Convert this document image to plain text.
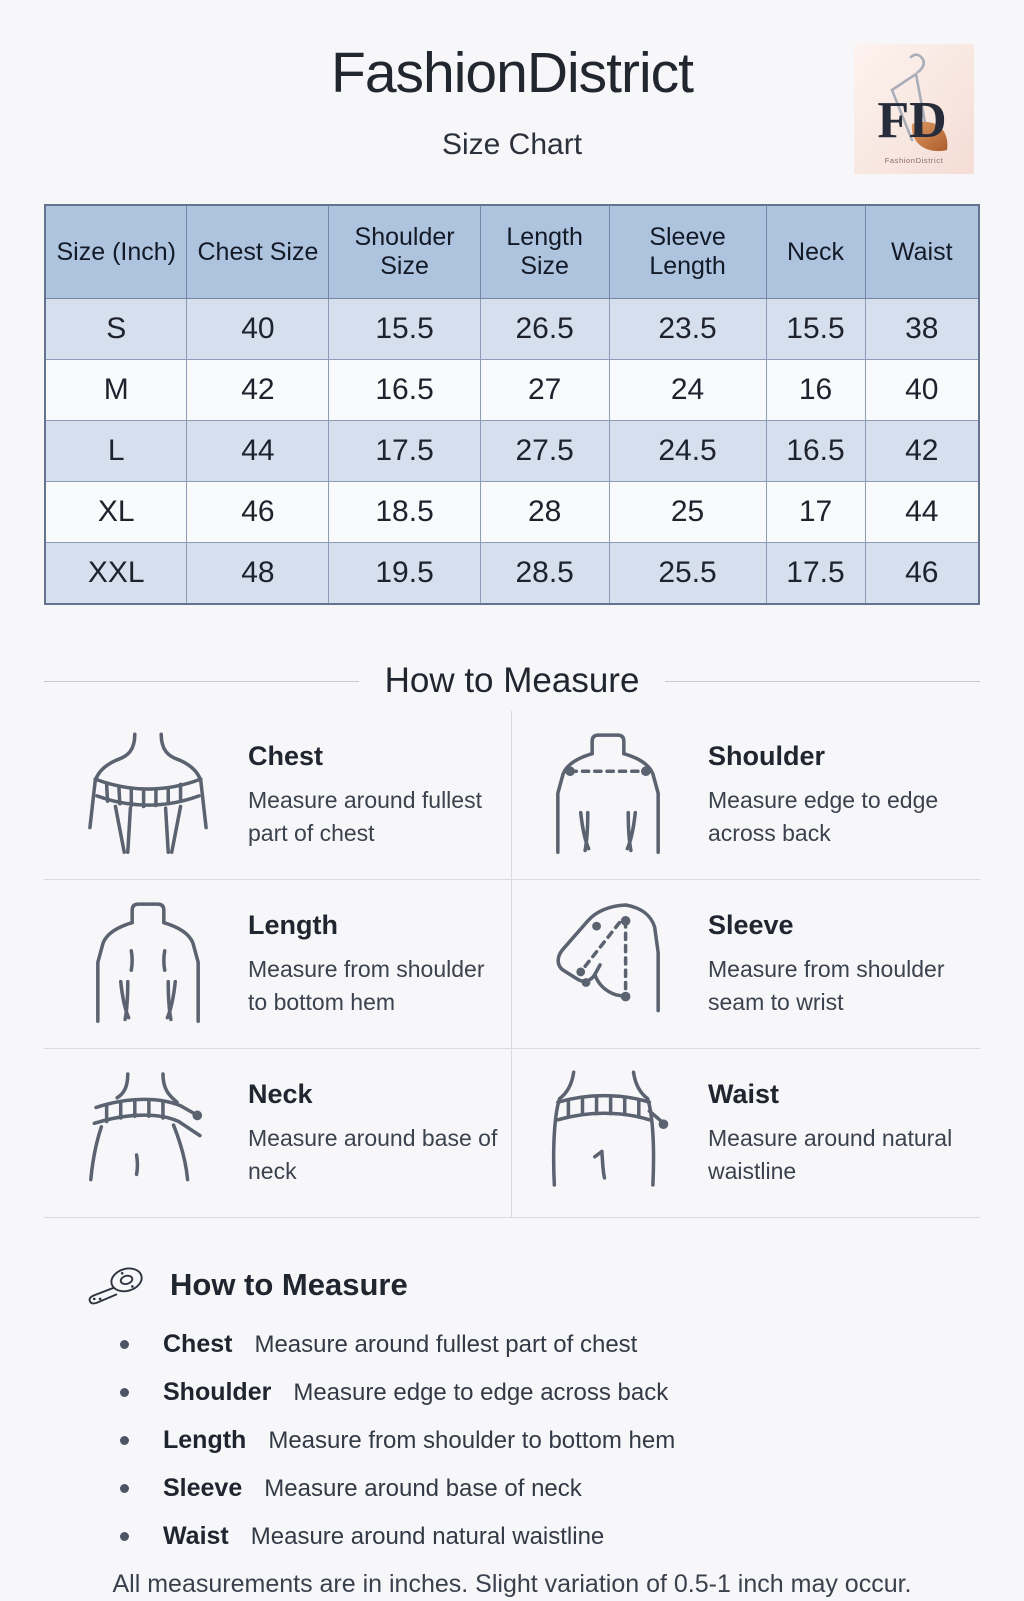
FashionDistrict
Size Chart	FD
FashionDistrict
Size (Inch)	Chest Size	Shoulder Size	Length Size	Sleeve Length	Neck	Waist
S	40	15.5	26.5	23.5	15.5	38
M	42	16.5	27	24	16	40
L	44	17.5	27.5	24.5	16.5	42
XL	46	18.5	28	25	17	44
XXL	48	19.5	28.5	25.5	17.5	46
How to Measure
Chest

Measure around fullest part of chest

Shoulder

Measure edge to edge across back

Length

Measure from shoulder to bottom hem

Sleeve

Measure from shoulder seam to wrist

Neck

Measure around base of neck

Waist

Measure around natural waistline

How to Measure
Chest Measure around fullest part of chest
Shoulder Measure edge to edge across back
Length Measure from shoulder to bottom hem
Sleeve Measure around base of neck
Waist Measure around natural waistline
All measurements are in inches. Slight variation of 0.5-1 inch may occur.
